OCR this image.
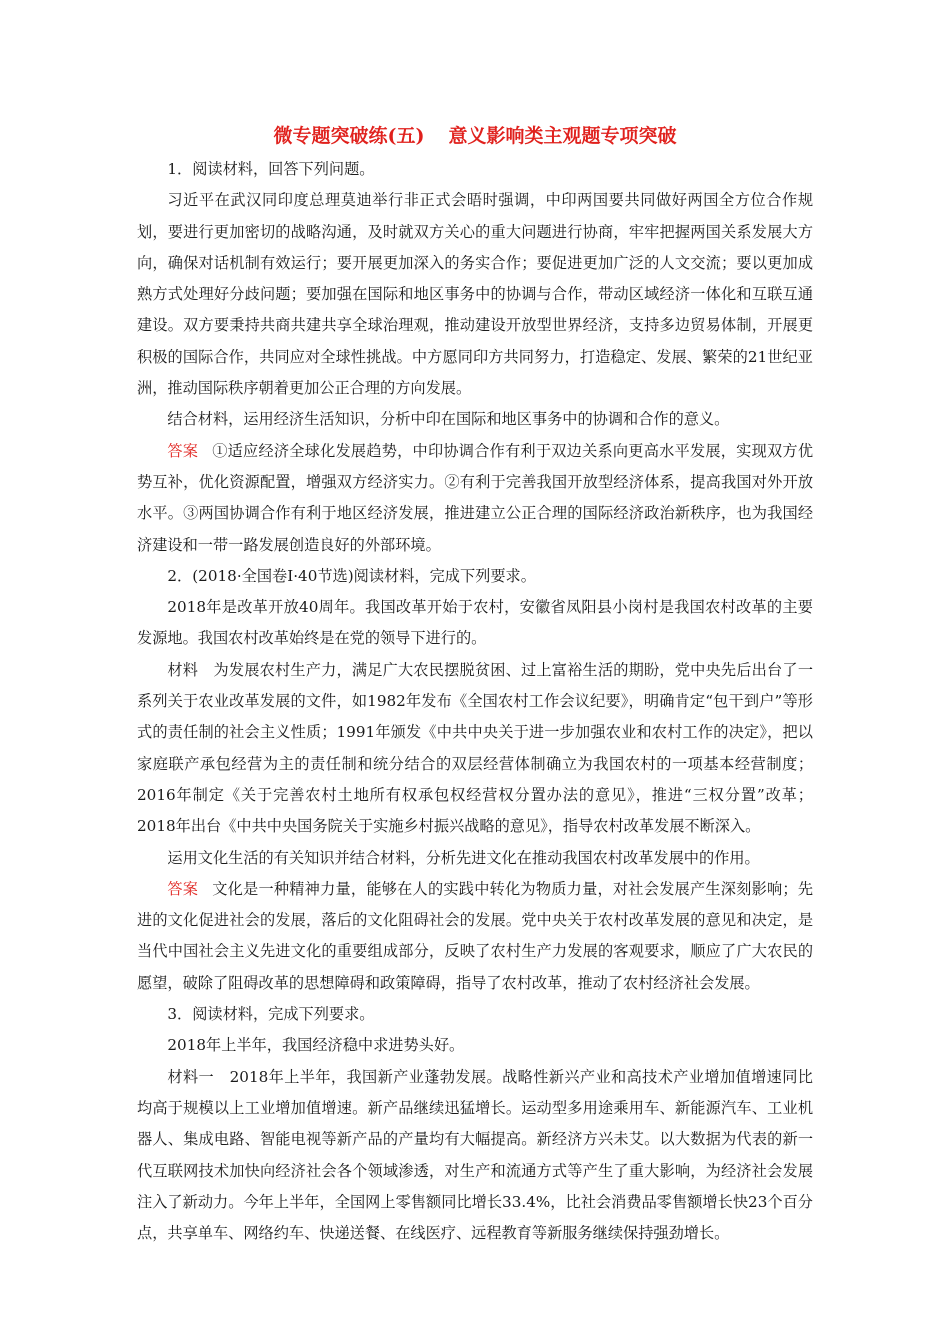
微专题突破练(五) 意义影响类主观题专项突破

1．阅读材料，回答下列问题。

习近平在武汉同印度总理莫迪举行非正式会晤时强调，中印两国要共同做好两国全方位合作规划，要进行更加密切的战略沟通，及时就双方关心的重大问题进行协商，牢牢把握两国关系发展大方向，确保对话机制有效运行；要开展更加深入的务实合作；要促进更加广泛的人文交流；要以更加成熟方式处理好分歧问题；要加强在国际和地区事务中的协调与合作，带动区域经济一体化和互联互通建设。双方要秉持共商共建共享全球治理观，推动建设开放型世界经济，支持多边贸易体制，开展更积极的国际合作，共同应对全球性挑战。中方愿同印方共同努力，打造稳定、发展、繁荣的21世纪亚洲，推动国际秩序朝着更加公正合理的方向发展。

结合材料，运用经济生活知识，分析中印在国际和地区事务中的协调和合作的意义。

答案 ①适应经济全球化发展趋势，中印协调合作有利于双边关系向更高水平发展，实现双方优势互补，优化资源配置，增强双方经济实力。②有利于完善我国开放型经济体系，提高我国对外开放水平。③两国协调合作有利于地区经济发展，推进建立公正合理的国际经济政治新秩序，也为我国经济建设和一带一路发展创造良好的外部环境。

2．(2018·全国卷Ⅰ·40节选)阅读材料，完成下列要求。

2018年是改革开放40周年。我国改革开始于农村，安徽省凤阳县小岗村是我国农村改革的主要发源地。我国农村改革始终是在党的领导下进行的。

材料　为发展农村生产力，满足广大农民摆脱贫困、过上富裕生活的期盼，党中央先后出台了一系列关于农业改革发展的文件，如1982年发布《全国农村工作会议纪要》，明确肯定“包干到户”等形式的责任制的社会主义性质；1991年颁发《中共中央关于进一步加强农业和农村工作的决定》，把以家庭联产承包经营为主的责任制和统分结合的双层经营体制确立为我国农村的一项基本经营制度；2016年制定《关于完善农村土地所有权承包权经营权分置办法的意见》，推进“三权分置”改革；2018年出台《中共中央国务院关于实施乡村振兴战略的意见》，指导农村改革发展不断深入。

运用文化生活的有关知识并结合材料，分析先进文化在推动我国农村改革发展中的作用。

答案 文化是一种精神力量，能够在人的实践中转化为物质力量，对社会发展产生深刻影响；先进的文化促进社会的发展，落后的文化阻碍社会的发展。党中央关于农村改革发展的意见和决定，是当代中国社会主义先进文化的重要组成部分，反映了农村生产力发展的客观要求，顺应了广大农民的愿望，破除了阻碍改革的思想障碍和政策障碍，指导了农村改革，推动了农村经济社会发展。

3．阅读材料，完成下列要求。

2018年上半年，我国经济稳中求进势头好。

材料一　2018年上半年，我国新产业蓬勃发展。战略性新兴产业和高技术产业增加值增速同比均高于规模以上工业增加值增速。新产品继续迅猛增长。运动型多用途乘用车、新能源汽车、工业机器人、集成电路、智能电视等新产品的产量均有大幅提高。新经济方兴未艾。以大数据为代表的新一代互联网技术加快向经济社会各个领域渗透，对生产和流通方式等产生了重大影响，为经济社会发展注入了新动力。今年上半年，全国网上零售额同比增长33.4%，比社会消费品零售额增长快23个百分点，共享单车、网络约车、快递送餐、在线医疗、远程教育等新服务继续保持强劲增长。
